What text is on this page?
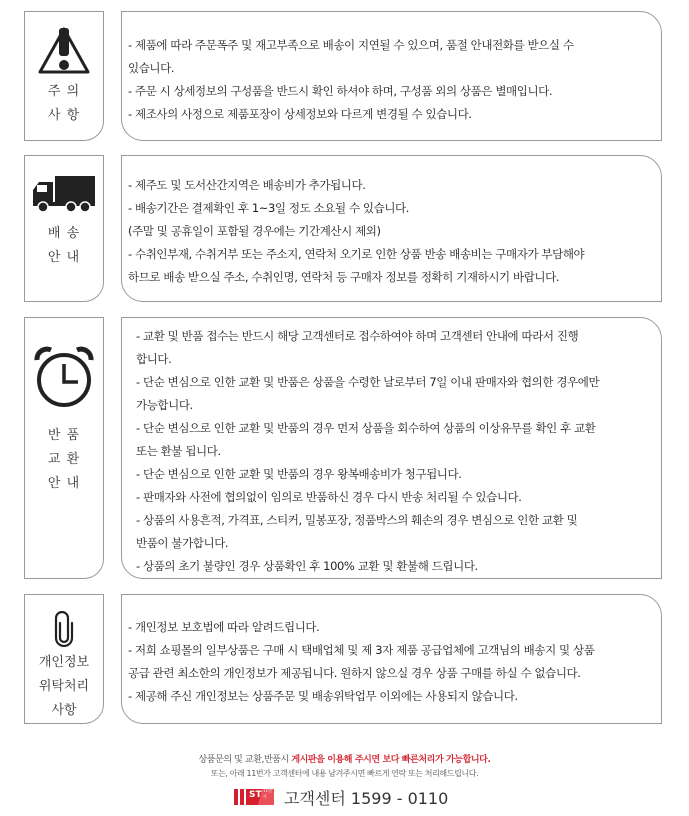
주 의
사 항
- 제품에 따라 주문폭주 및 재고부족으로 배송이 지연될 수 있으며, 품절 안내전화를 받으실 수
있습니다.
- 주문 시 상세정보의 구성품을 반드시 확인 하셔야 하며, 구성품 외의 상품은 별매입니다.
- 제조사의 사정으로 제품포장이 상세정보와 다르게 변경될 수 있습니다.
배 송
안 내
- 제주도 및 도서산간지역은 배송비가 추가됩니다.
- 배송기간은 결제확인 후 1~3일 정도 소요될 수 있습니다.
(주말 및 공휴일이 포함될 경우에는 기간계산시 제외)
- 수취인부재, 수취거부 또는 주소지, 연락처 오기로 인한 상품 반송 배송비는 구매자가 부담해야
하므로 배송 받으실 주소, 수취인명, 연락처 등 구매자 정보를 정확히 기재하시기 바랍니다.
반 품
교 환
안 내
- 교환 및 반품 접수는 반드시 해당 고객센터로 접수하여야 하며 고객센터 안내에 따라서 진행
합니다.
- 단순 변심으로 인한 교환 및 반품은 상품을 수령한 날로부터 7일 이내 판매자와 협의한 경우에만
가능합니다.
- 단순 변심으로 인한 교환 및 반품의 경우 먼저 상품을 회수하여 상품의 이상유무를 확인 후 교환
또는 환불 됩니다.
- 단순 변심으로 인한 교환 및 반품의 경우 왕복배송비가 청구됩니다.
- 판매자와 사전에 협의없이 임의로 반품하신 경우 다시 반송 처리될 수 있습니다.
- 상품의 사용흔적, 가격표, 스티커, 밀봉포장, 정품박스의 훼손의 경우 변심으로 인한 교환 및
반품이 불가합니다.
- 상품의 초기 불량인 경우 상품확인 후 100% 교환 및 환불해 드립니다.
개인정보
위탁처리
사항
- 개인정보 보호법에 따라 알려드립니다.
- 저희 쇼핑몰의 일부상품은 구매 시 택배업체 및 제 3자 제품 공급업체에 고객님의 배송지 및 상품
공급 관련 최소한의 개인정보가 제공됩니다. 원하지 않으실 경우 상품 구매를 하실 수 없습니다.
- 제공해 주신 개인정보는 상품주문 및 배송위탁업무 이외에는 사용되지 않습니다.
상품문의 및 교환,반품시 게시판을 이용해 주시면 보다 빠른처리가 가능합니다.
또는, 아래 11번가 고객센터에 내용 남겨주시면 빠르게 연락 또는 처리해드립니다.
ST 11번가	고객센터 1599 - 0110
